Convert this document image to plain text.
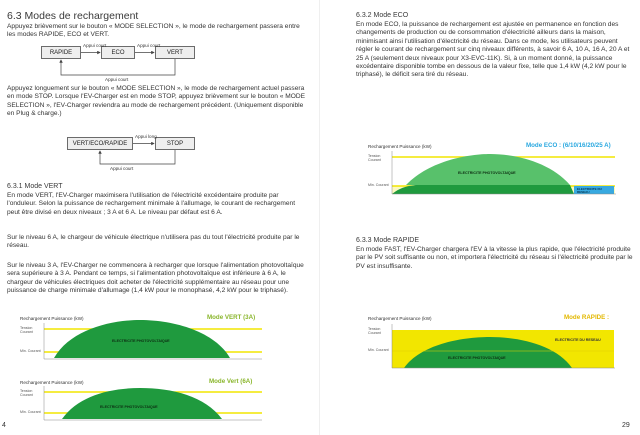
6.3 Modes de rechargement

Appuyez brièvement sur le bouton « MODE SELECTION », le mode de rechargement passera entre les modes RAPIDE, ECO et VERT.

RAPIDE	ECO	VERT
Appui court	Appui court
Appui court

Appuyez longuement sur le bouton « MODE SELECTION », le mode de rechargement actuel passera en mode STOP. Lorsque l'EV-Charger est en mode STOP, appuyez brièvement sur le bouton « MODE SELECTION », l'EV-Charger reviendra au mode de rechargement précédent. (Uniquement disponible en Plug & charge.)

VERT/ECO/RAPIDE	STOP
Appui long
Appui court
6.3.1 Mode VERT

En mode VERT, l'EV-Charger maximisera l'utilisation de l'électricité excédentaire produite par l'onduleur. Selon la puissance de rechargement minimale à l'allumage, le courant de rechargement peut être divisé en deux niveaux ; 3 A et 6 A. Le niveau par défaut est 6 A.

Sur le niveau 6 A, le chargeur de véhicule électrique n'utilisera pas du tout l'électricité produite par le réseau.

Sur le niveau 3 A, l'EV-Charger ne commencera à recharger que lorsque l'alimentation photovoltaïque sera supérieure à 3 A. Pendant ce temps, si l'alimentation photovoltaïque est inférieure à 6 A, le chargeur de véhicules électriques doit acheter de l'électricité supplémentaire au réseau pour une puissance de charge minimale d'allumage (1,4 kW pour le monophasé, 4,2 kW pour le triphasé).

Rechargement Puissance (kW)	Mode VERT (3A)
Tension Courant
Min. Courant
ELECTRICITE PHOTOVOLTAIQUE
Rechargement Puissance (kW)	Mode Vert (6A)
Tension Courant
Min. Courant
ELECTRICITE PHOTOVOLTAIQUE
4
6.3.2 Mode ECO

En mode ECO, la puissance de rechargement est ajustée en permanence en fonction des changements de production ou de consommation d'électricité ailleurs dans la maison, minimisant ainsi l'utilisation d'électricité du réseau. Dans ce mode, les utilisateurs peuvent régler le courant de rechargement sur cinq niveaux différents, à savoir 6 A, 10 A, 16 A, 20 A et 25 A (seulement deux niveaux pour X3-EVC-11K). Si, à un moment donné, la puissance excédentaire disponible tombe en dessous de la valeur fixe, telle que 1,4 kW (4,2 kW pour le triphasé), le déficit sera tiré du réseau.

Rechargement Puissance (kW)	Mode ECO : (6/10/16/20/25 A)
Tension Courant
Min. Courant
ELECTRICITE PHOTOVOLTAIQUE
ELECTRICITE DU RESEAU
6.3.3 Mode RAPIDE

En mode FAST, l'EV-Charger chargera l'EV à la vitesse la plus rapide, que l'électricité produite par le PV soit suffisante ou non, et importera l'électricité du réseau si l'électricité produite par le PV est insuffisante.

Rechargement Puissance (kW)	Mode RAPIDE :
Tension Courant
Min. Courant
ELECTRICITE DU RESEAU
ELECTRICITE PHOTOVOLTAIQUE
29
